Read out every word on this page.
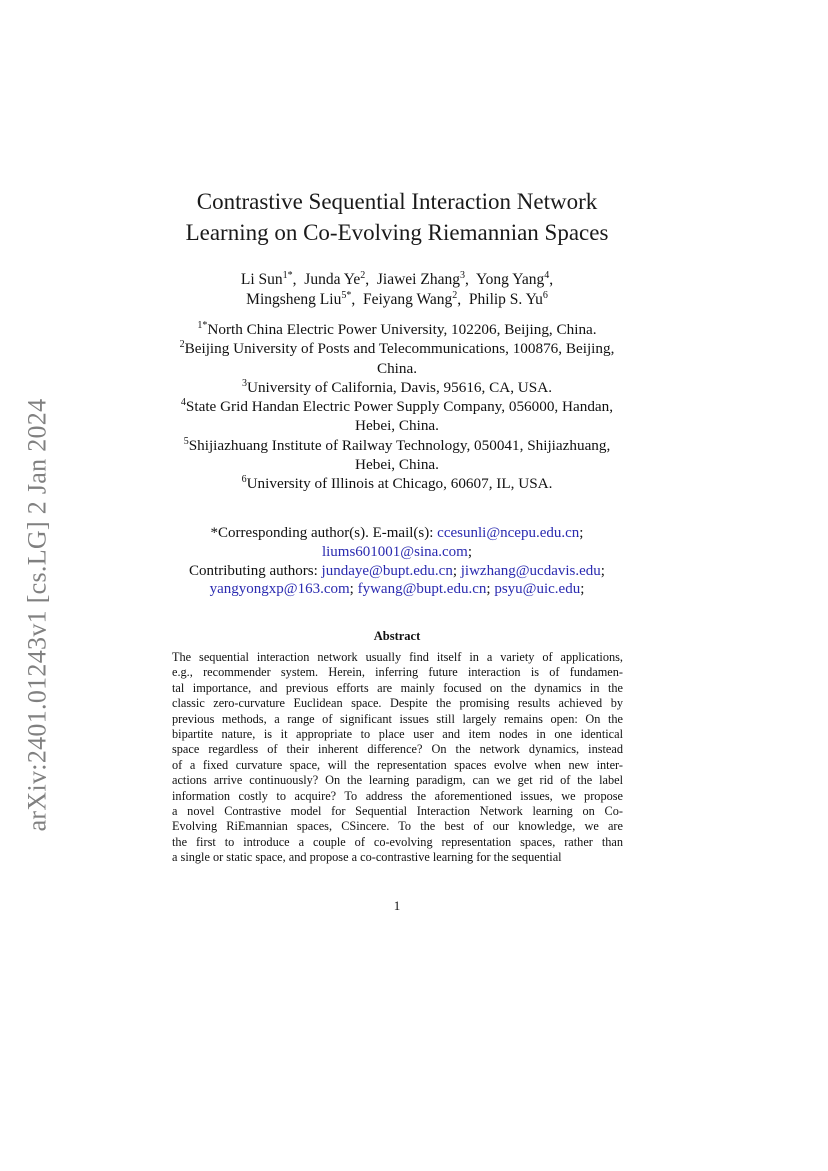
arXiv:2401.01243v1 [cs.LG] 2 Jan 2024
Contrastive Sequential Interaction Network
Learning on Co-Evolving Riemannian Spaces
Li Sun$^{1*}$,  Junda Ye$^2$,  Jiawei Zhang$^3$,  Yong Yang$^4$,
Mingsheng Liu$^{5*}$,  Feiyang Wang$^2$,  Philip S. Yu$^6$
$^{1*}$North China Electric Power University, 102206, Beijing, China.
$^2$Beijing University of Posts and Telecommunications, 100876, Beijing,
China.
$^3$University of California, Davis, 95616, CA, USA.
$^4$State Grid Handan Electric Power Supply Company, 056000, Handan,
Hebei, China.
$^5$Shijiazhuang Institute of Railway Technology, 050041, Shijiazhuang,
Hebei, China.
$^6$University of Illinois at Chicago, 60607, IL, USA.
*Corresponding author(s). E-mail(s): ccesunli@ncepu.edu.cn;
liums601001@sina.com;
Contributing authors: jundaye@bupt.edu.cn; jiwzhang@ucdavis.edu;
yangyongxp@163.com; fywang@bupt.edu.cn; psyu@uic.edu;
Abstract
The sequential interaction network usually find itself in a variety of applications,
e.g., recommender system. Herein, inferring future interaction is of fundamen-
tal importance, and previous efforts are mainly focused on the dynamics in the
classic zero-curvature Euclidean space. Despite the promising results achieved by
previous methods, a range of significant issues still largely remains open: On the
bipartite nature, is it appropriate to place user and item nodes in one identical
space regardless of their inherent difference? On the network dynamics, instead
of a fixed curvature space, will the representation spaces evolve when new inter-
actions arrive continuously? On the learning paradigm, can we get rid of the label
information costly to acquire? To address the aforementioned issues, we propose
a novel Contrastive model for Sequential Interaction Network learning on Co-
Evolving RiEmannian spaces, CSincere. To the best of our knowledge, we are
the first to introduce a couple of co-evolving representation spaces, rather than
a single or static space, and propose a co-contrastive learning for the sequential
1
